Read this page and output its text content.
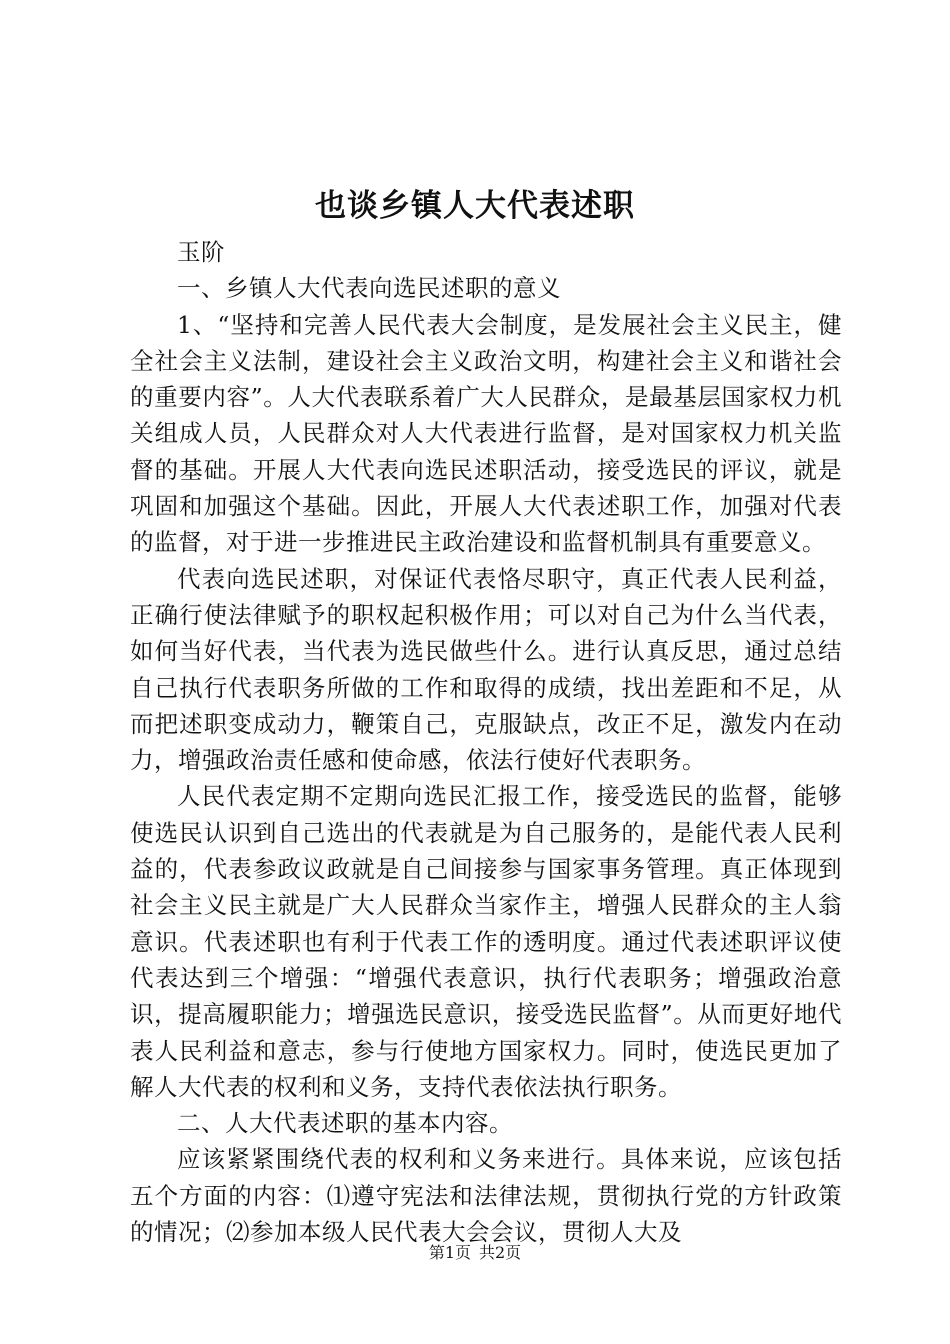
也谈乡镇人大代表述职

玉阶

一、乡镇人大代表向选民述职的意义

1、“坚持和完善人民代表大会制度，是发展社会主义民主，健全社会主义法制，建设社会主义政治文明，构建社会主义和谐社会的重要内容”。人大代表联系着广大人民群众，是最基层国家权力机关组成人员，人民群众对人大代表进行监督，是对国家权力机关监督的基础。开展人大代表向选民述职活动，接受选民的评议，就是巩固和加强这个基础。因此，开展人大代表述职工作，加强对代表的监督，对于进一步推进民主政治建设和监督机制具有重要意义。

代表向选民述职，对保证代表恪尽职守，真正代表人民利益，正确行使法律赋予的职权起积极作用；可以对自己为什么当代表，如何当好代表，当代表为选民做些什么。进行认真反思，通过总结自己执行代表职务所做的工作和取得的成绩，找出差距和不足，从而把述职变成动力，鞭策自己，克服缺点，改正不足，激发内在动力，增强政治责任感和使命感，依法行使好代表职务。

人民代表定期不定期向选民汇报工作，接受选民的监督，能够使选民认识到自己选出的代表就是为自己服务的，是能代表人民利益的，代表参政议政就是自己间接参与国家事务管理。真正体现到社会主义民主就是广大人民群众当家作主，增强人民群众的主人翁意识。代表述职也有利于代表工作的透明度。通过代表述职评议使代表达到三个增强：“增强代表意识，执行代表职务；增强政治意识，提高履职能力；增强选民意识，接受选民监督”。从而更好地代表人民利益和意志，参与行使地方国家权力。同时，使选民更加了解人大代表的权利和义务，支持代表依法执行职务。

二、人大代表述职的基本内容。

应该紧紧围绕代表的权利和义务来进行。具体来说，应该包括五个方面的内容：⑴遵守宪法和法律法规，贯彻执行党的方针政策的情况；⑵参加本级人民代表大会会议，贯彻人大及

第1页 共2页
